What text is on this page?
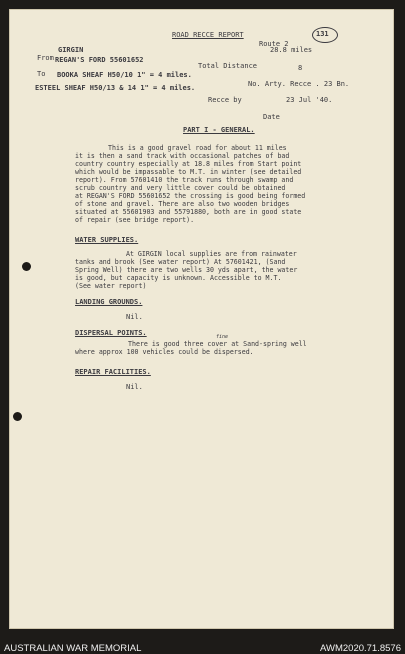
ROAD RECCE REPORT	131
Route 2
GIRGIN
From REGAN'S FORD 55601652
28.8 miles
Total Distance	8
To BOOKA SHEAF H50/10 1" = 4 miles.
No. Arty. Recce . 23 Bn.
ESTEEL SHEAF H50/13 & 14 1" = 4 miles.
Recce by	23 Jul '40.
Date
PART I - GENERAL.
This is a good gravel road for about 11 miles
it is then a sand track with occasional patches of bad
country country especially at 18.8 miles from Start point
which would be impassable to M.T. in winter (see detailed
report). From 57601410 the track runs through swamp and
scrub country and very little cover could be obtained
at REGAN'S FORD 55601652 the crossing is good being formed
of stone and gravel. There are also two wooden bridges
situated at 55601903 and 55791880, both are in good state
of repair (see bridge report).
WATER SUPPLIES.
At GIRGIN local supplies are from rainwater
tanks and brook (See water report) At 57601421, (Sand
Spring Well) there are two wells 30 yds apart, the water
is good, but capacity is unknown. Accessible to M.T.
(See water report)
LANDING GROUNDS.
Nil.
DISPERSAL POINTS.	fine
There is good three cover at Sand-spring well
where approx 100 vehicles could be dispersed.
REPAIR FACILITIES.
Nil.
AUSTRALIAN WAR MEMORIAL	AWM2020.71.8576
